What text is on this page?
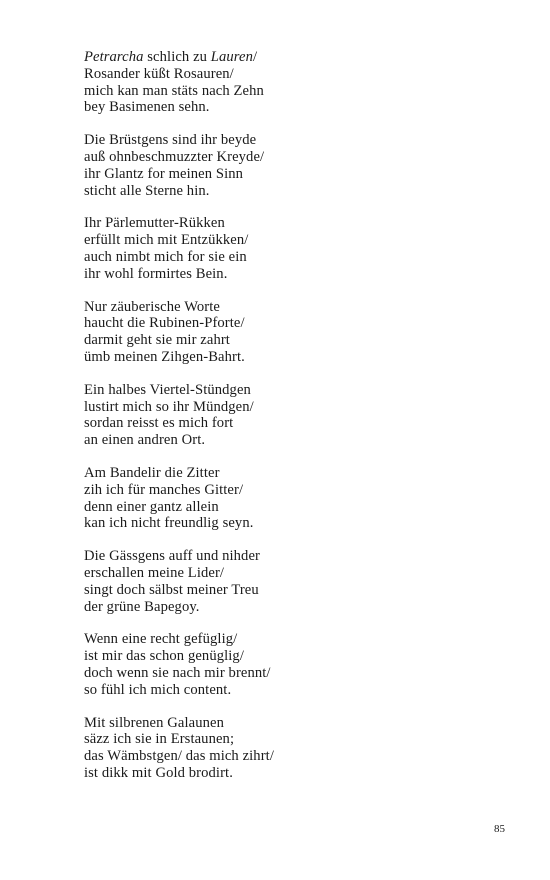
Petrarcha schlich zu Lauren/
Rosander küßt Rosauren/
mich kan man stäts nach Zehn
bey Basimenen sehn.
Die Brüstgens sind ihr beyde
auß ohnbeschmuzzter Kreyde/
ihr Glantz for meinen Sinn
sticht alle Sterne hin.
Ihr Pärlemutter-Rükken
erfüllt mich mit Entzükken/
auch nimbt mich for sie ein
ihr wohl formirtes Bein.
Nur zäuberische Worte
haucht die Rubinen-Pforte/
darmit geht sie mir zahrt
ümb meinen Zihgen-Bahrt.
Ein halbes Viertel-Stündgen
lustirt mich so ihr Mündgen/
sordan reisst es mich fort
an einen andren Ort.
Am Bandelir die Zitter
zih ich für manches Gitter/
denn einer gantz allein
kan ich nicht freundlig seyn.
Die Gässgens auff und nihder
erschallen meine Lider/
singt doch sälbst meiner Treu
der grüne Bapegoy.
Wenn eine recht gefüglig/
ist mir das schon genüglig/
doch wenn sie nach mir brennt/
so fühl ich mich content.
Mit silbrenen Galaunen
säzz ich sie in Erstaunen;
das Wämbstgen/ das mich zihrt/
ist dikk mit Gold brodirt.
85
